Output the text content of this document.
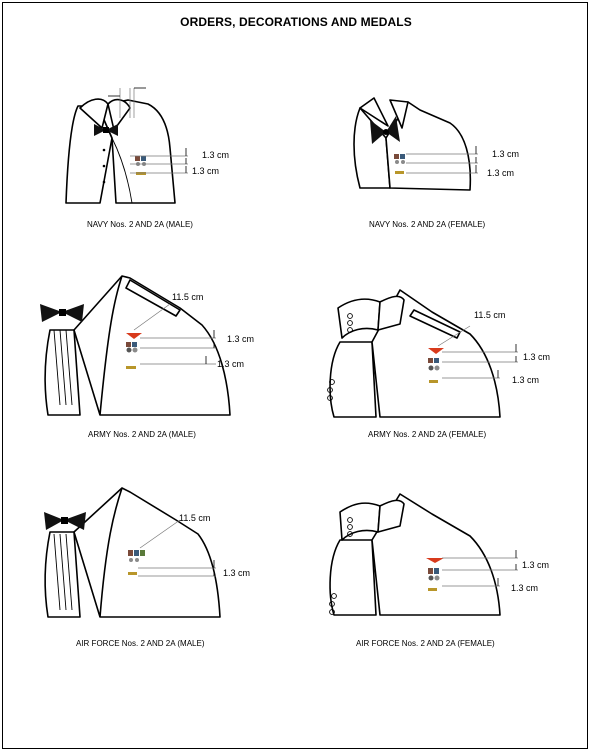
ORDERS, DECORATIONS AND MEDALS
1.3 cm
1.3 cm
NAVY Nos. 2 AND 2A (MALE)
1.3 cm
1.3 cm
NAVY Nos. 2 AND 2A (FEMALE)
11.5 cm
1.3 cm
1.3 cm
ARMY Nos. 2 AND 2A (MALE)
11.5 cm
1.3 cm
1.3 cm
ARMY Nos. 2 AND 2A (FEMALE)
11.5 cm
1.3 cm
AIR FORCE Nos. 2 AND 2A (MALE)
1.3 cm
1.3 cm
AIR FORCE Nos. 2 AND 2A (FEMALE)
